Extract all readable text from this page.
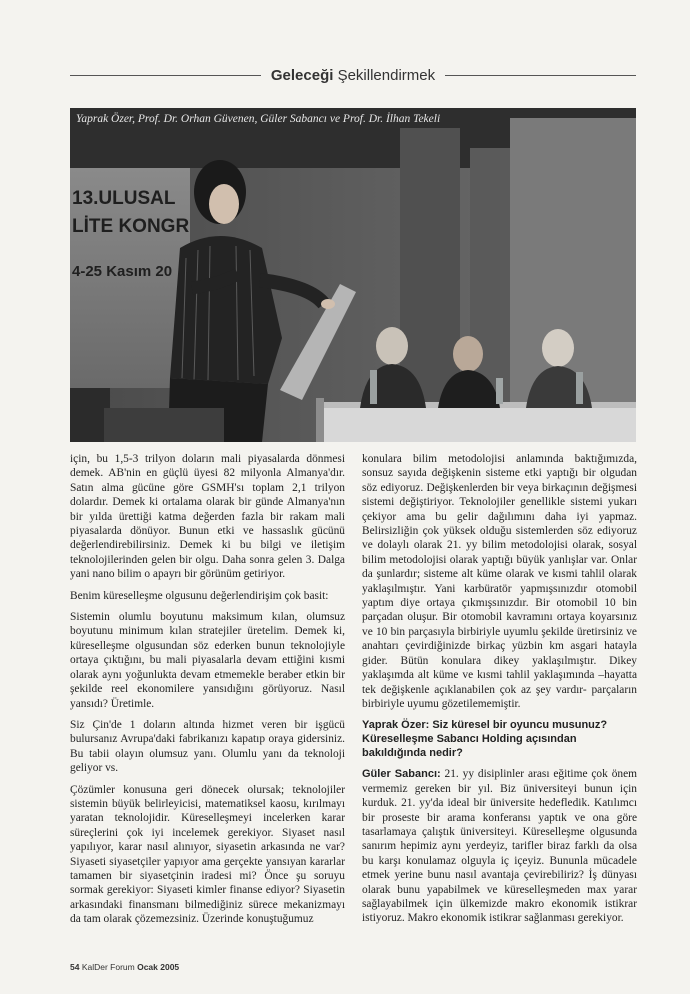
Geleceği Şekillendirmek
13.ULUSAL
LİTE KONGR
4-25 Kasım 20
Yaprak Özer, Prof. Dr. Orhan Güvenen, Güler Sabancı ve Prof. Dr. İlhan Tekeli

için, bu 1,5-3 trilyon doların mali piyasalarda dönmesi demek. AB'nin en güçlü üyesi 82 milyonla Almanya'dır. Satın alma gücüne göre GSMH'sı toplam 2,1 trilyon dolardır. Demek ki ortalama olarak bir günde Almanya'nın bir yılda ürettiği katma değerden fazla bir rakam mali piyasalarda dönüyor. Bunun etki ve hassaslık gücünü değerlendirebilirsiniz. Demek ki bu bilgi ve iletişim teknolojilerinden gelen bir olgu. Daha sonra gelen 3. Dalga yani nano bilim o apayrı bir görünüm getiriyor.

Benim küreselleşme olgusunu değerlendirişim çok basit:

Sistemin olumlu boyutunu maksimum kılan, olumsuz boyutunu minimum kılan stratejiler üretelim. Demek ki, küreselleşme olgusundan söz ederken bunun teknolojiyle ortaya çıktığını, bu mali piyasalarla devam ettiğini kısmi olarak aynı yoğunlukta devam etmemekle beraber etkin bir şekilde reel ekonomilere yansıdığını görüyoruz. Nasıl yansıdı? Üretimle.

Siz Çin'de 1 doların altında hizmet veren bir işgücü bulursanız Avrupa'daki fabrikanızı kapatıp oraya gidersiniz. Bu tabii olayın olumsuz yanı. Olumlu yanı da teknoloji geliyor vs.

Çözümler konusuna geri dönecek olursak; teknolojiler sistemin büyük belirleyicisi, matematiksel kaosu, kırılmayı yaratan teknolojidir. Küreselleşmeyi incelerken karar süreçlerini çok iyi incelemek gerekiyor. Siyaset nasıl yapılıyor, karar nasıl alınıyor, siyasetin arkasında ne var? Siyaseti siyasetçiler yapıyor ama gerçekte yansıyan kararlar tamamen bir siyasetçinin iradesi mi? Önce şu soruyu sormak gerekiyor: Siyaseti kimler finanse ediyor? Siyasetin arkasındaki finansmanı bilmediğiniz sürece mekanizmayı da tam olarak çözemezsiniz. Üzerinde konuştuğumuz

konulara bilim metodolojisi anlamında baktığımızda, sonsuz sayıda değişkenin sisteme etki yaptığı bir olgudan söz ediyoruz. Değişkenlerden bir veya birkaçının değişmesi sistemi değiştiriyor. Teknolojiler genellikle sistemi yukarı çekiyor ama bu gelir dağılımını daha iyi yapmaz. Belirsizliğin çok yüksek olduğu sistemlerden söz ediyoruz ve dolaylı olarak 21. yy bilim metodolojisi olarak, sosyal bilim metodolojisi olarak yaptığı büyük yanlışlar var. Onlar da şunlardır; sisteme alt küme olarak ve kısmi tahlil olarak yaklaşılmıştır. Yani karbüratör yapmışsınızdır otomobil yaptım diye ortaya çıkmışsınızdır. Bir otomobil 10 bin parçadan oluşur. Bir otomobil kavramını ortaya koyarsınız ve 10 bin parçasıyla birbiriyle uyumlu şekilde üretirsiniz ve anahtarı çevirdiğinizde birkaç yüzbin km asgari hatayla gider. Bütün konulara dikey yaklaşılmıştır. Dikey yaklaşımda alt küme ve kısmi tahlil yaklaşımında –hayatta tek değişkenle açıklanabilen çok az şey vardır- parçaların birbiriyle uyumu gözetilememiştir.

Yaprak Özer: Siz küresel bir oyuncu musunuz? Küreselleşme Sabancı Holding açısından bakıldığında nedir?

Güler Sabancı: 21. yy disiplinler arası eğitime çok önem vermemiz gereken bir yıl. Biz üniversiteyi bunun için kurduk. 21. yy'da ideal bir üniversite hedefledik. Katılımcı bir proseste bir arama konferansı yaptık ve ona göre tasarlamaya çalıştık üniversiteyi. Küreselleşme olgusunda sanırım hepimiz aynı yerdeyiz, tarifler biraz farklı da olsa bu karşı konulamaz olguyla iç içeyiz. Bununla mücadele etmek yerine bunu nasıl avantaja çevirebiliriz? İş dünyası olarak bunu yapabilmek ve küreselleşmeden max yarar sağlayabilmek için ülkemizde makro ekonomik istikrar istiyoruz. Makro ekonomik istikrar sağlanması gerekiyor.

54 KalDer Forum Ocak 2005
